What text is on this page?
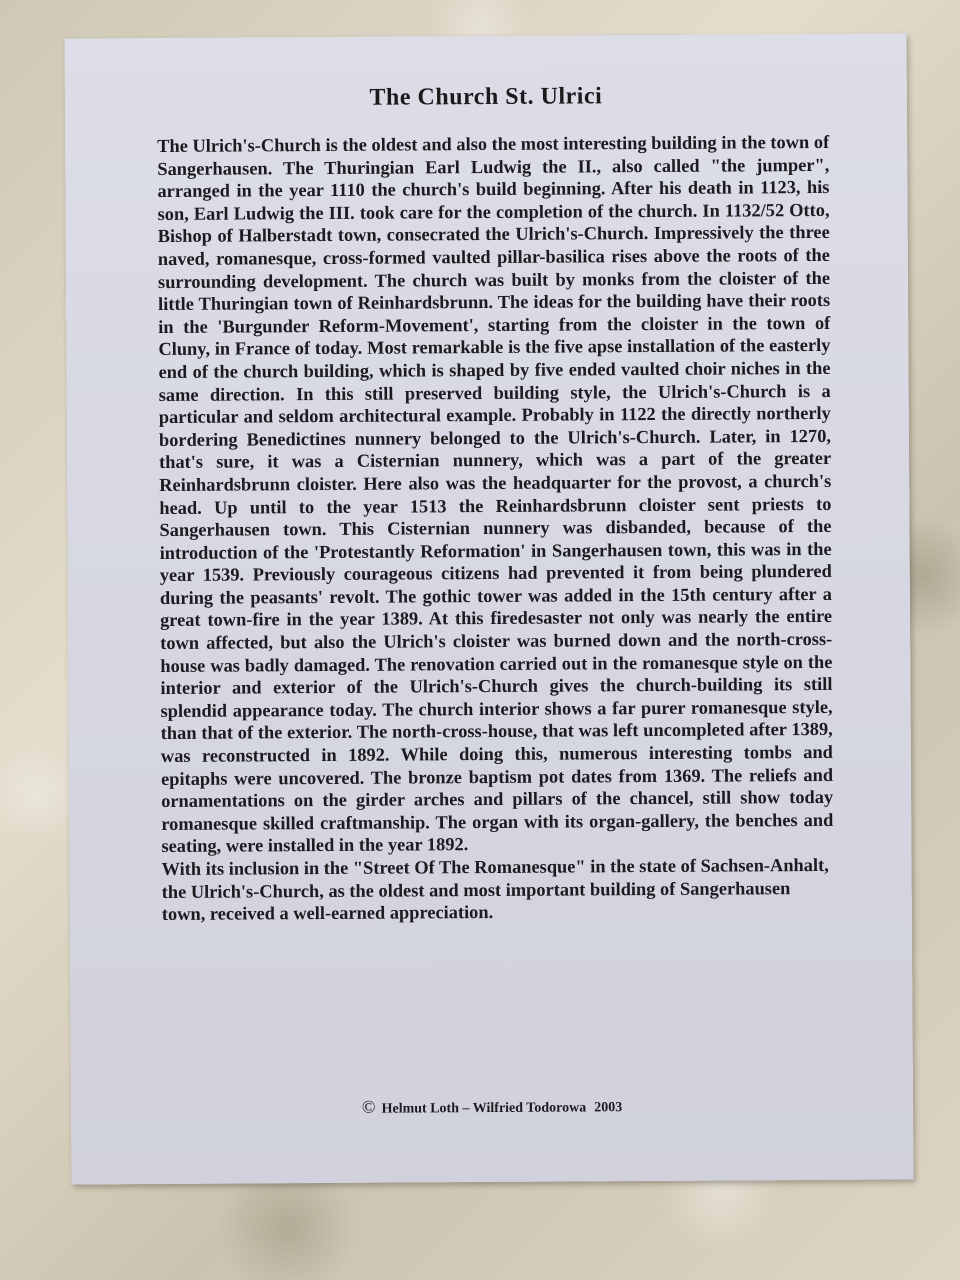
The Church St. Ulrici
The Ulrich's-Church is the oldest and also the most interesting building in the town of Sangerhausen. The Thuringian Earl Ludwig the II., also called "the jumper", arranged in the year 1110 the church's build beginning. After his death in 1123, his son, Earl Ludwig the III. took care for the completion of the church. In 1132/52 Otto, Bishop of Halberstadt town, consecrated the Ulrich's-Church. Impressively the three naved, romanesque, cross-formed vaulted pillar-basilica rises above the roots of the surrounding development. The church was built by monks from the cloister of the little Thuringian town of Reinhardsbrunn. The ideas for the building have their roots in the 'Burgunder Reform-Movement', starting from the cloister in the town of Cluny, in France of today. Most remarkable is the five apse installation of the easterly end of the church building, which is shaped by five ended vaulted choir niches in the same direction. In this still preserved building style, the Ulrich's-Church is a particular and seldom architectural example. Probably in 1122 the directly northerly bordering Benedictines nunnery belonged to the Ulrich's-Church. Later, in 1270, that's sure, it was a Cisternian nunnery, which was a part of the greater Reinhardsbrunn cloister. Here also was the headquarter for the provost, a church's head. Up until to the year 1513 the Reinhardsbrunn cloister sent priests to Sangerhausen town. This Cisternian nunnery was disbanded, because of the introduction of the 'Protestantly Reformation' in Sangerhausen town, this was in the year 1539. Previously courageous citizens had prevented it from being plundered during the peasants' revolt. The gothic tower was added in the 15th century after a great town-fire in the year 1389. At this firedesaster not only was nearly the entire town affected, but also the Ulrich's cloister was burned down and the north-cross-house was badly damaged. The renovation carried out in the romanesque style on the interior and exterior of the Ulrich's-Church gives the church-building its still splendid appearance today. The church interior shows a far purer romanesque style, than that of the exterior. The north-cross-house, that was left uncompleted after 1389, was reconstructed in 1892. While doing this, numerous interesting tombs and epitaphs were uncovered. The bronze baptism pot dates from 1369. The reliefs and ornamentations on the girder arches and pillars of the chancel, still show today romanesque skilled craftmanship. The organ with its organ-gallery, the benches and seating, were installed in the year 1892.
With its inclusion in the "Street Of The Romanesque" in the state of Sachsen-Anhalt, the Ulrich's-Church, as the oldest and most important building of Sangerhausen town, received a well-earned appreciation.

© Helmut Loth – Wilfried Todorowa 2003
